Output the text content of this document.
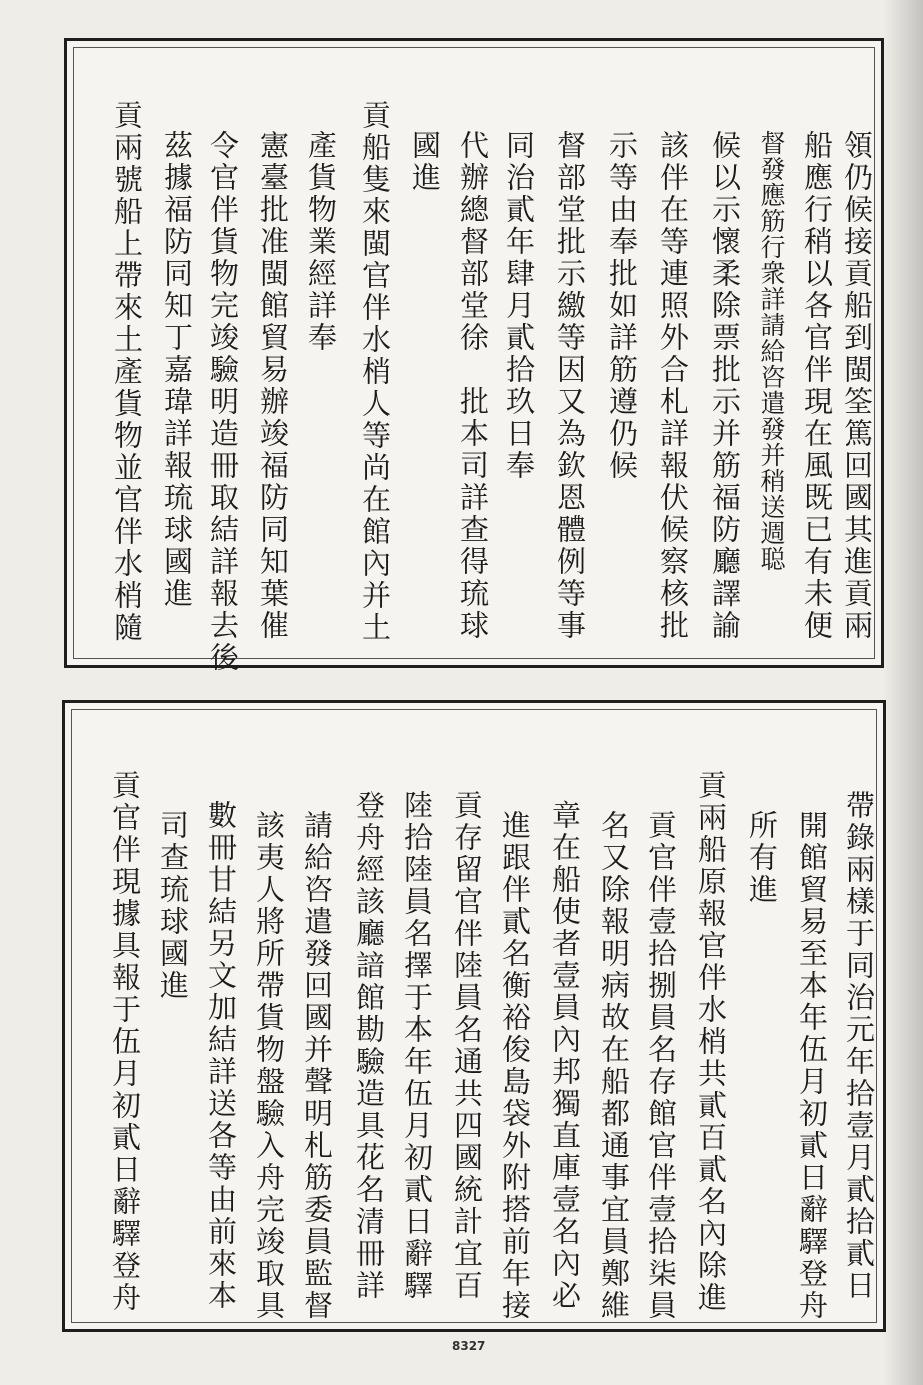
領仍候接貢船到閩筌篤回國其進貢兩
船應行稍以各官伴現在風既已有未便
督發應筋行衆詳請給咨遣發并稍送週聪
候以示懷柔除票批示并筋福防廳譯諭
該伴在等連照外合札詳報伏候察核批
示等由奉批如詳筋遵仍候
督部堂批示繳等因又為欽恩體例等事
同治貳年肆月貳拾玖日奉
代辦總督部堂徐　批本司詳查得琉球
國進
貢船隻來閩官伴水梢人等尚在館內并土
產貨物業經詳奉
憲臺批准閩館貿易辦竣福防同知葉催
令官伴貨物完竣驗明造冊取結詳報去後
茲據福防同知丁嘉瑋詳報琉球國進
貢兩號船上帶來土產貨物並官伴水梢隨
帶錄兩樣于同治元年拾壹月貳拾貳日
開館貿易至本年伍月初貳日辭驛登舟
所有進
貢兩船原報官伴水梢共貳百貳名內除進
貢官伴壹拾捌員名存館官伴壹拾柒員
名又除報明病故在船都通事宜員鄭維
章在船使者壹員內邦獨直庫壹名內必
進跟伴貳名衡裕俊島袋外附搭前年接
貢存留官伴陸員名通共四國統計宜百
陸拾陸員名擇于本年伍月初貳日辭驛
登舟經該廳諳館勘驗造具花名清冊詳
請給咨遣發回國并聲明札筋委員監督
該夷人將所帶貨物盤驗入舟完竣取具
數冊甘結另文加結詳送各等由前來本
司查琉球國進
貢官伴現據具報于伍月初貳日辭驛登舟
8327
